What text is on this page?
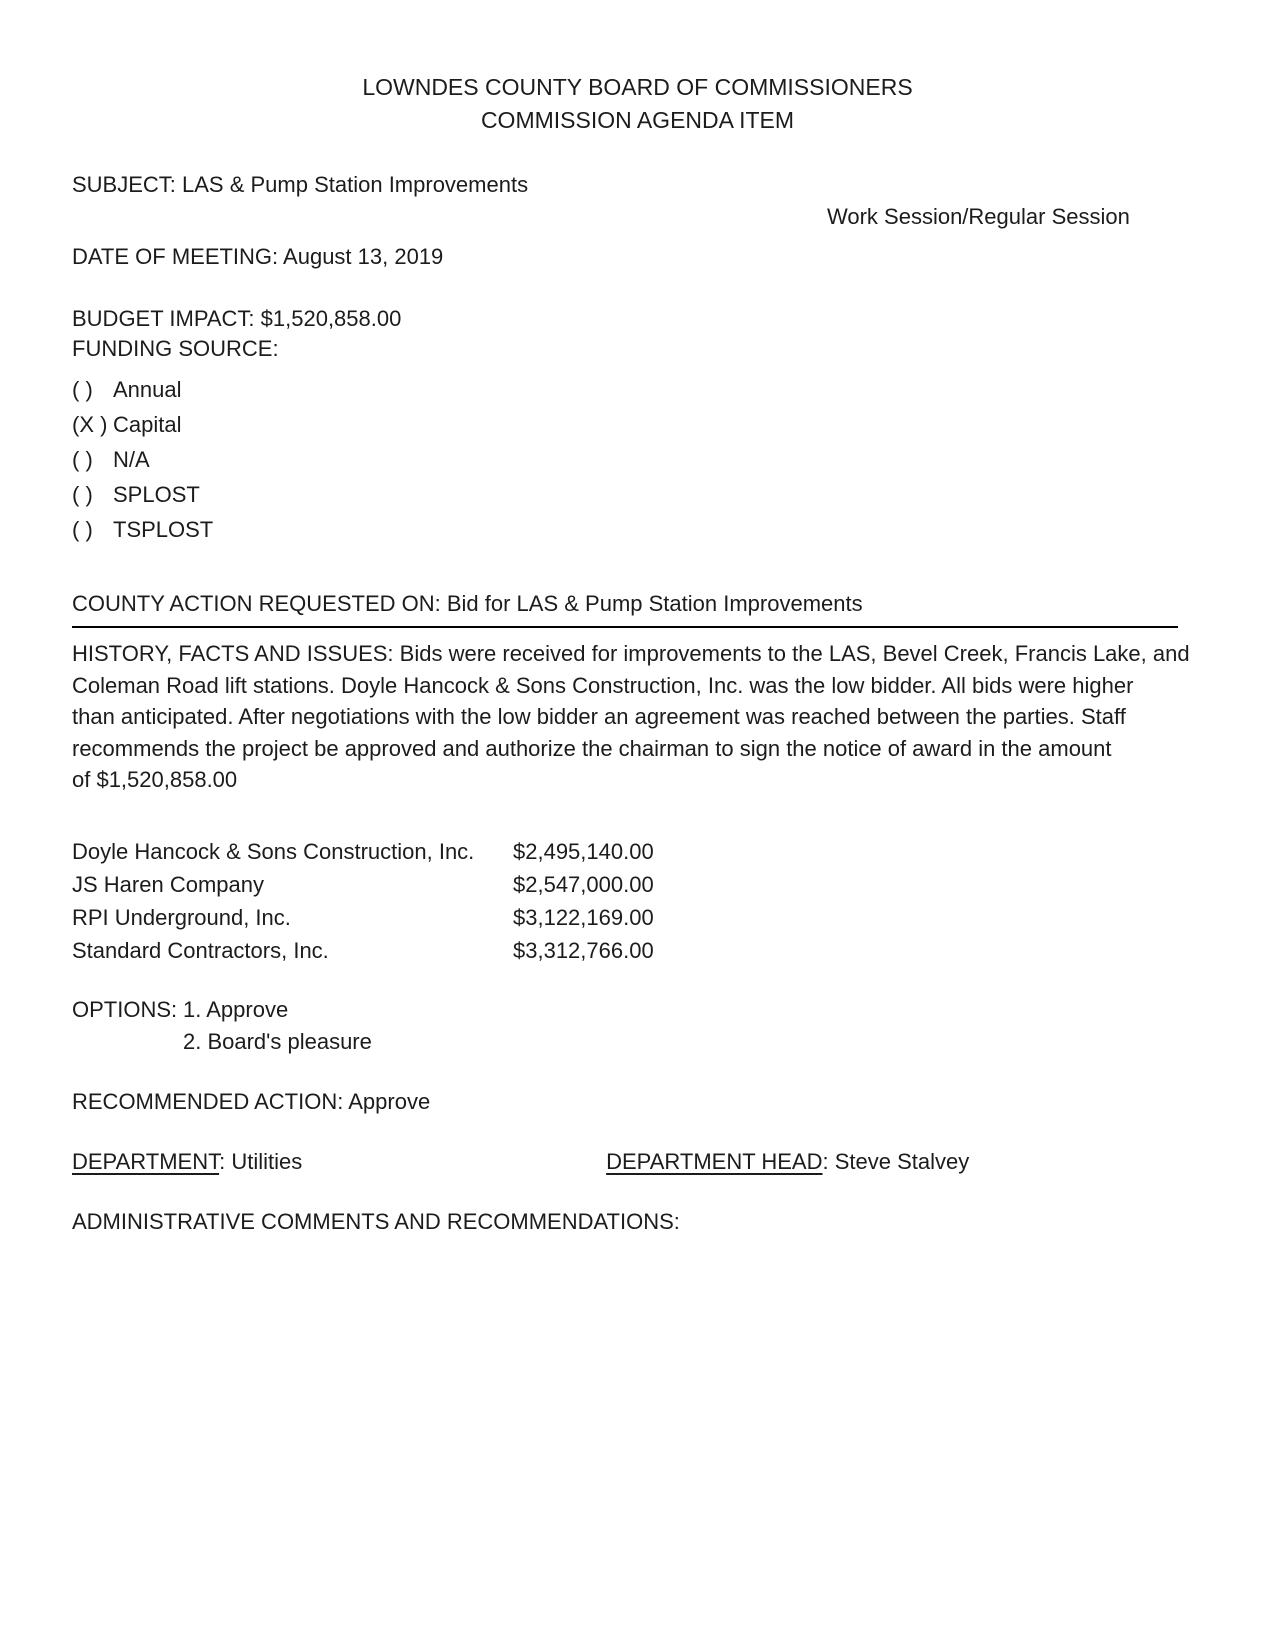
LOWNDES COUNTY BOARD OF COMMISSIONERS
COMMISSION AGENDA ITEM
SUBJECT: LAS & Pump Station Improvements
Work Session/Regular Session
DATE OF MEETING: August 13, 2019
BUDGET IMPACT: $1,520,858.00
FUNDING SOURCE:
( ) Annual
(X ) Capital
( ) N/A
( ) SPLOST
( ) TSPLOST
COUNTY ACTION REQUESTED ON: Bid for LAS & Pump Station Improvements
HISTORY, FACTS AND ISSUES: Bids were received for improvements to the LAS, Bevel Creek, Francis Lake, and
Coleman Road lift stations. Doyle Hancock & Sons Construction, Inc. was the low bidder. All bids were higher
than anticipated. After negotiations with the low bidder an agreement was reached between the parties. Staff
recommends the project be approved and authorize the chairman to sign the notice of award in the amount
of $1,520,858.00
Doyle Hancock & Sons Construction, Inc.	$2,495,140.00
JS Haren Company	$2,547,000.00
RPI Underground, Inc.	$3,122,169.00
Standard Contractors, Inc.	$3,312,766.00
OPTIONS: 1. Approve
2. Board's pleasure
RECOMMENDED ACTION: Approve
DEPARTMENT: Utilities	DEPARTMENT HEAD: Steve Stalvey
ADMINISTRATIVE COMMENTS AND RECOMMENDATIONS:
